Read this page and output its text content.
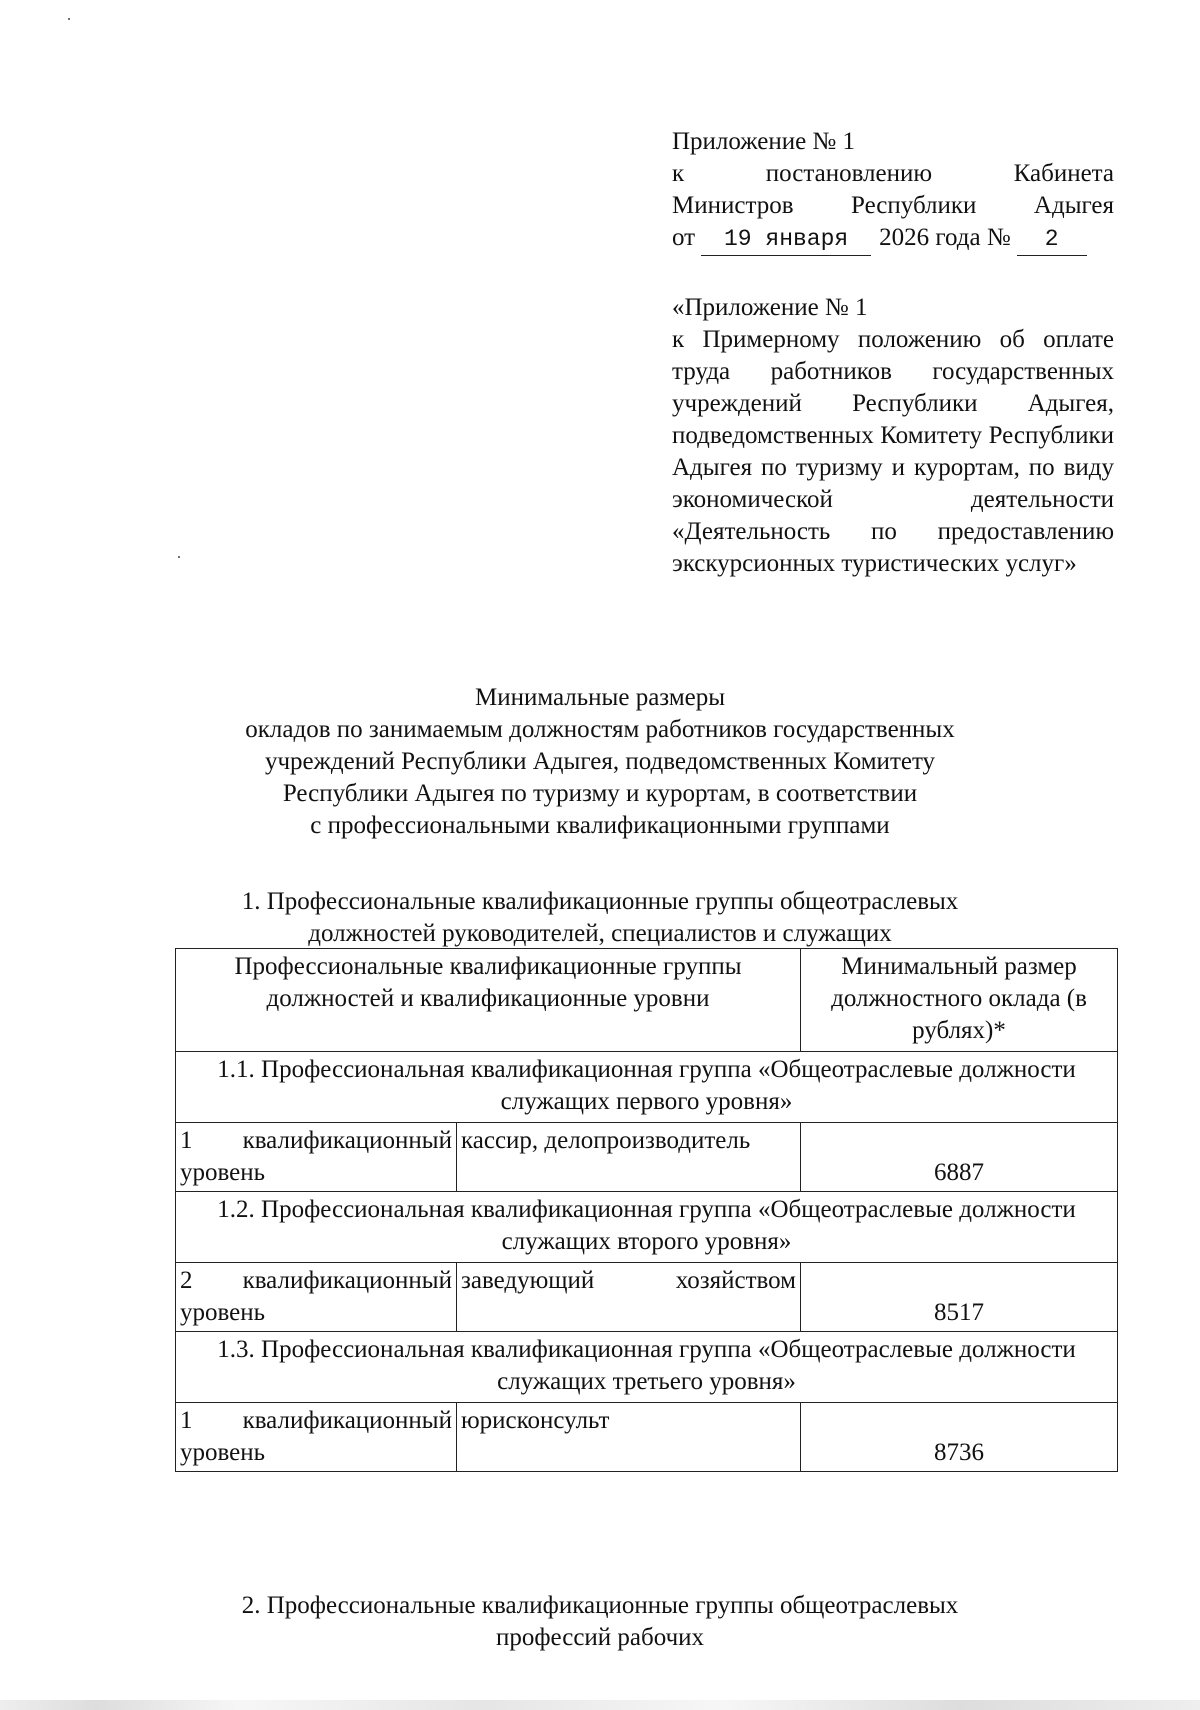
Приложение № 1
к	постановлению	Кабинета
Министров Республики Адыгея
от	19 января	2026 года №	2
«Приложение № 1
к Примерному положению об оплате труда работников государственных учреждений Республики Адыгея, подведомственных Комитету Республики Адыгея по туризму и курортам, по виду экономической деятельности «Деятельность по предоставлению экскурсионных туристических услуг»
Минимальные размеры
окладов по занимаемым должностям работников государственных
учреждений Республики Адыгея, подведомственных Комитету
Республики Адыгея по туризму и курортам, в соответствии
с профессиональными квалификационными группами
1. Профессиональные квалификационные группы общеотраслевых
должностей руководителей, специалистов и служащих
Профессиональные квалификационные группы должностей и квалификационные уровни		Минимальный размер должностного оклада (в рублях)*
1.1. Профессиональная квалификационная группа «Общеотраслевые должности служащих первого уровня»		

1 квалификационный
уровень	кассир, делопроизводитель	6887
1.2. Профессиональная квалификационная группа «Общеотраслевые должности служащих второго уровня»		

2 квалификационный
уровень	заведующий хозяйством	8517
1.3. Профессиональная квалификационная группа «Общеотраслевые должности служащих третьего уровня»		

1 квалификационный
уровень	юрисконсульт	8736
2. Профессиональные квалификационные группы общеотраслевых
профессий рабочих
